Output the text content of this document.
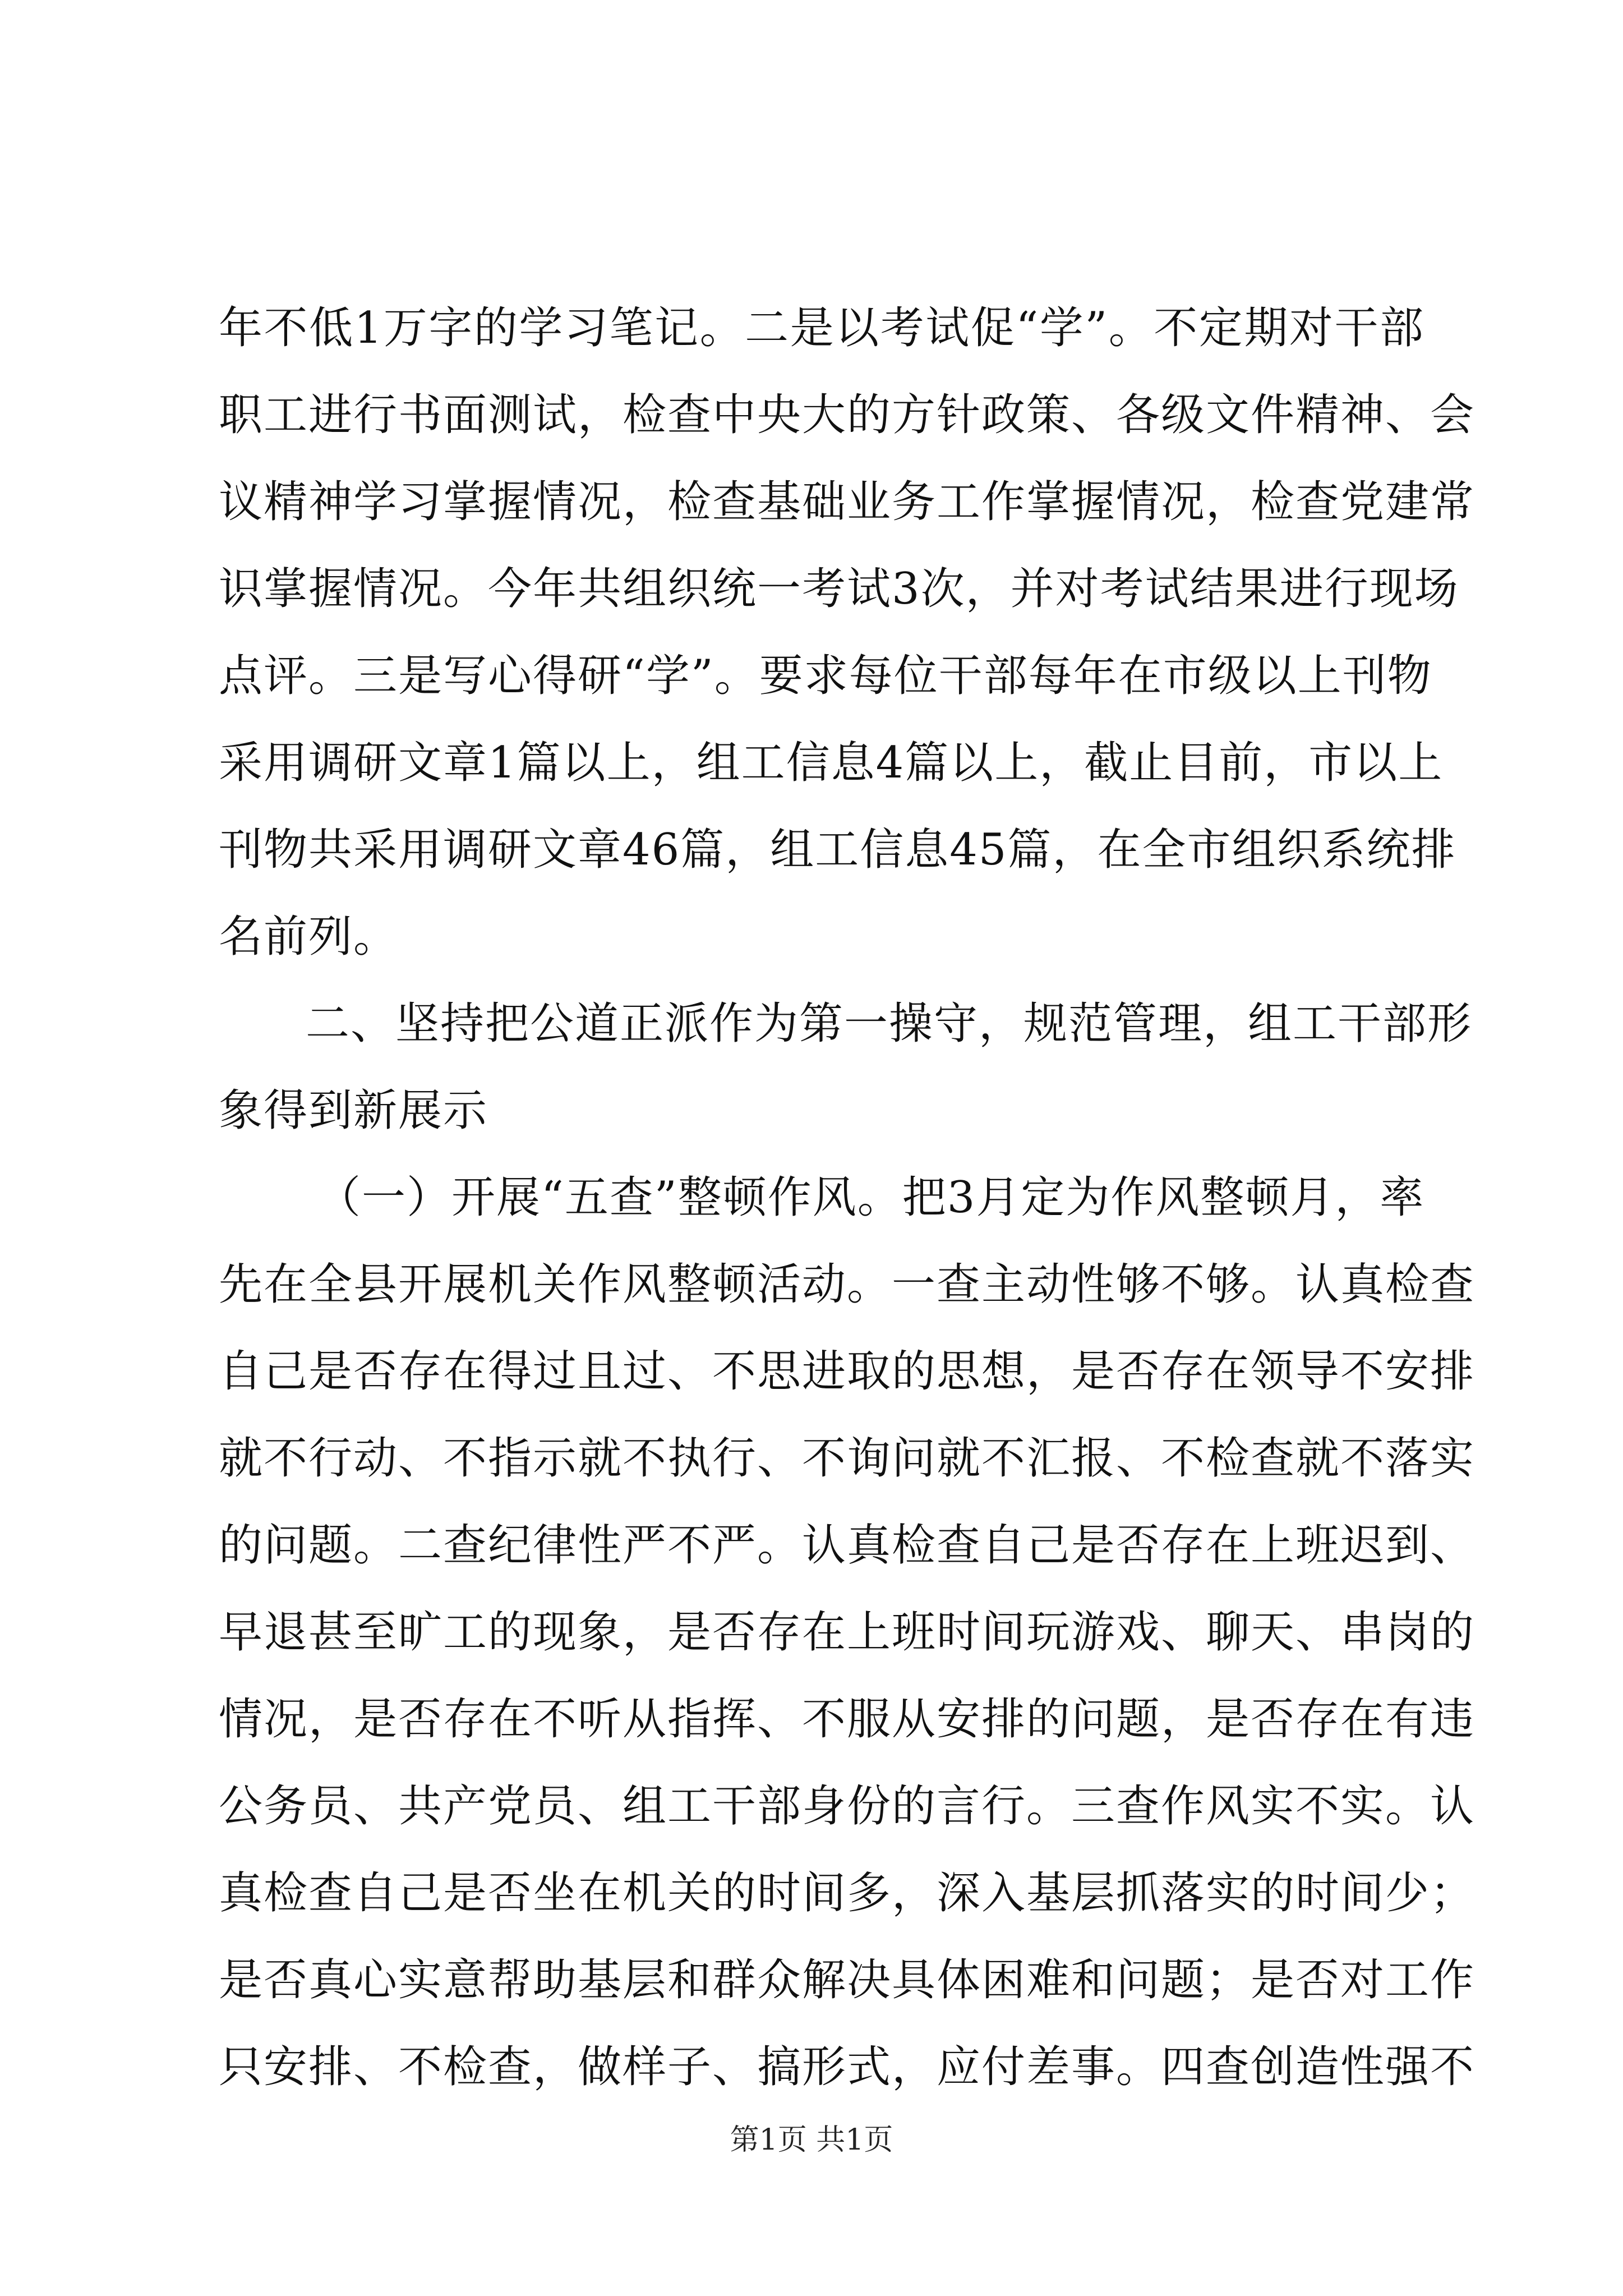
年不低1万字的学习笔记。二是以考试促“学”。不定期对干部
职工进行书面测试，检查中央大的方针政策、各级文件精神、会
议精神学习掌握情况，检查基础业务工作掌握情况，检查党建常
识掌握情况。今年共组织统一考试3次，并对考试结果进行现场
点评。三是写心得研“学”。要求每位干部每年在市级以上刊物
采用调研文章1篇以上，组工信息4篇以上，截止目前，市以上
刊物共采用调研文章46篇，组工信息45篇，在全市组织系统排
名前列。
二、坚持把公道正派作为第一操守，规范管理，组工干部形
象得到新展示
（一）开展“五查”整顿作风。把3月定为作风整顿月，率
先在全县开展机关作风整顿活动。一查主动性够不够。认真检查
自己是否存在得过且过、不思进取的思想，是否存在领导不安排
就不行动、不指示就不执行、不询问就不汇报、不检查就不落实
的问题。二查纪律性严不严。认真检查自己是否存在上班迟到、
早退甚至旷工的现象，是否存在上班时间玩游戏、聊天、串岗的
情况，是否存在不听从指挥、不服从安排的问题，是否存在有违
公务员、共产党员、组工干部身份的言行。三查作风实不实。认
真检查自己是否坐在机关的时间多，深入基层抓落实的时间少；
是否真心实意帮助基层和群众解决具体困难和问题；是否对工作
只安排、不检查，做样子、搞形式，应付差事。四查创造性强不
第1页 共1页
